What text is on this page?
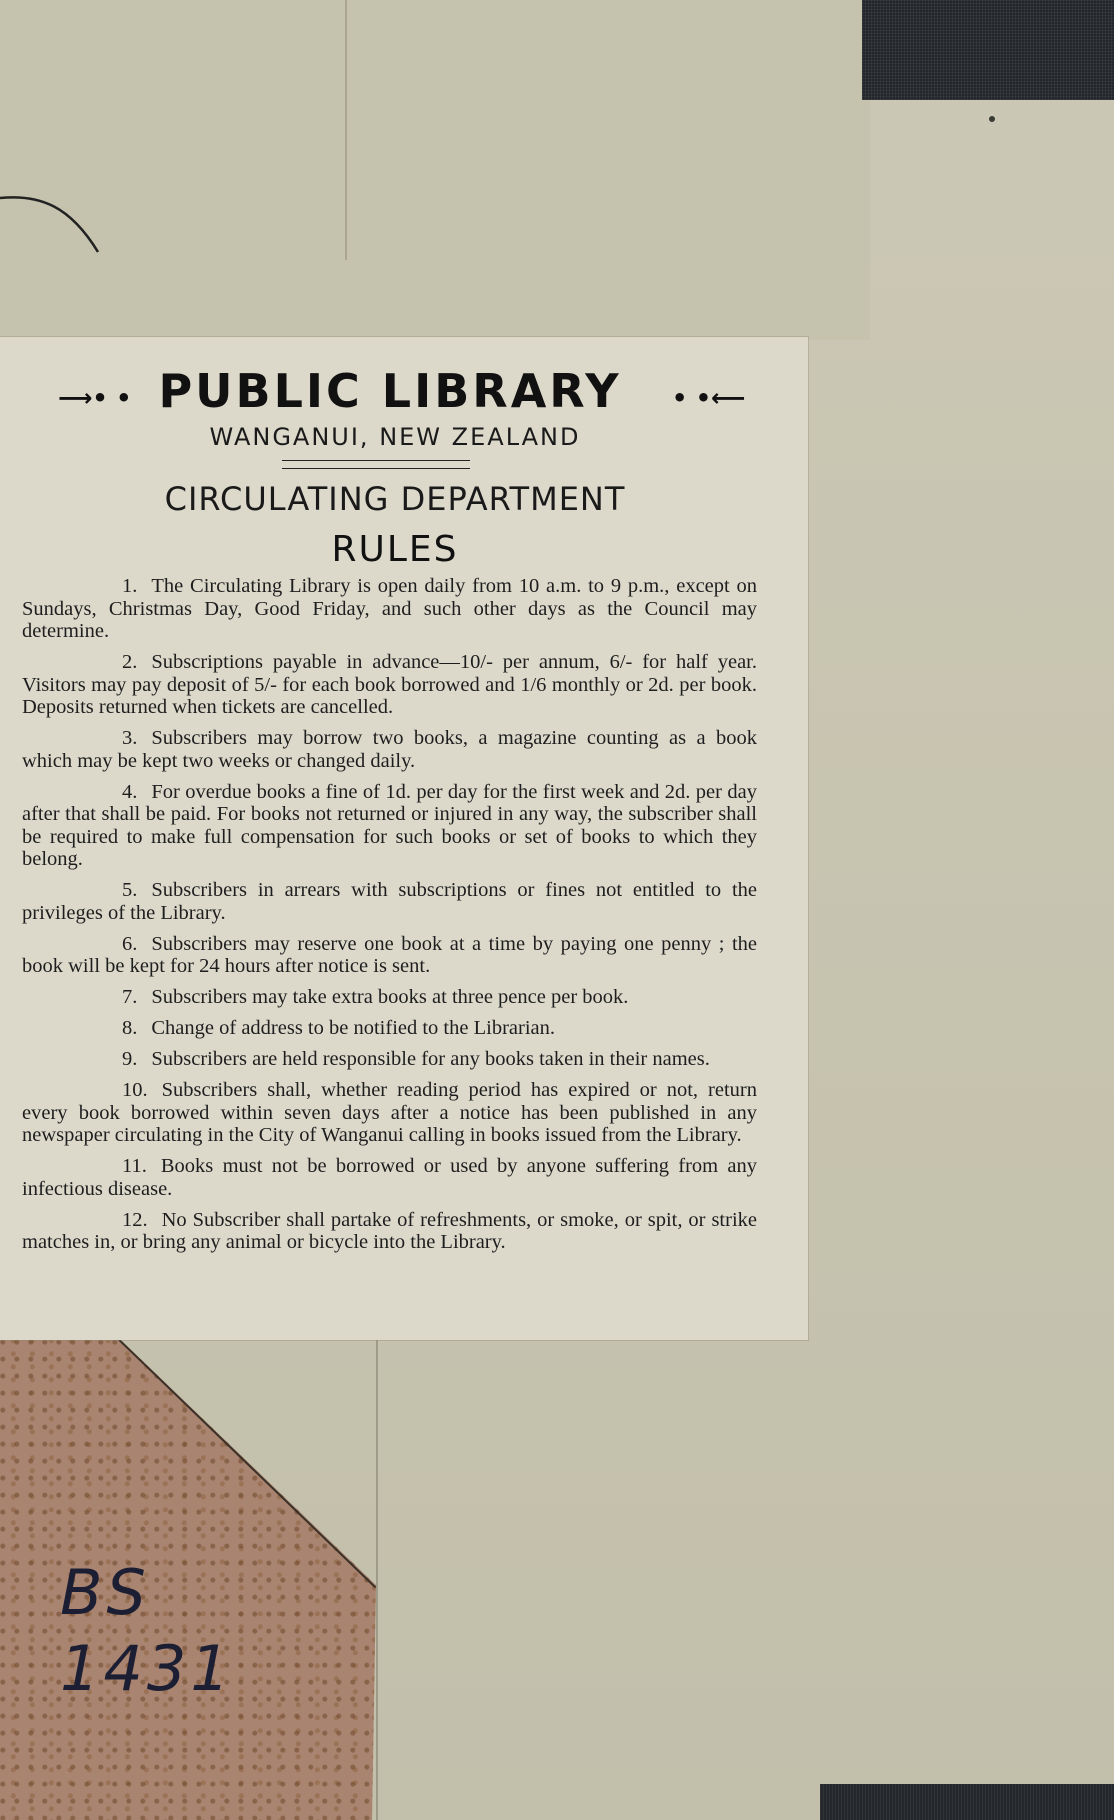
BS
1431
⟶• • PUBLIC LIBRARY	• •⟵
WANGANUI, NEW ZEALAND
CIRCULATING DEPARTMENT
RULES

1. The Circulating Library is open daily from 10 a.m. to 9 p.m., except on Sundays, Christmas Day, Good Friday, and such other days as the Council may determine.

2. Subscriptions payable in advance—10/- per annum, 6/- for half year. Visitors may pay deposit of 5/- for each book borrowed and 1/6 monthly or 2d. per book. Deposits returned when tickets are cancelled.

3. Subscribers may borrow two books, a magazine counting as a book which may be kept two weeks or changed daily.

4. For overdue books a fine of 1d. per day for the first week and 2d. per day after that shall be paid. For books not returned or injured in any way, the subscriber shall be required to make full compensation for such books or set of books to which they belong.

5. Subscribers in arrears with subscriptions or fines not entitled to the privileges of the Library.

6. Subscribers may reserve one book at a time by paying one penny ; the book will be kept for 24 hours after notice is sent.

7. Subscribers may take extra books at three pence per book.

8. Change of address to be notified to the Librarian.

9. Subscribers are held responsible for any books taken in their names.

10. Subscribers shall, whether reading period has expired or not, return every book borrowed within seven days after a notice has been published in any newspaper circulating in the City of Wanganui calling in books issued from the Library.

11. Books must not be borrowed or used by anyone suffering from any infectious disease.

12. No Subscriber shall partake of refreshments, or smoke, or spit, or strike matches in, or bring any animal or bicycle into the Library.
